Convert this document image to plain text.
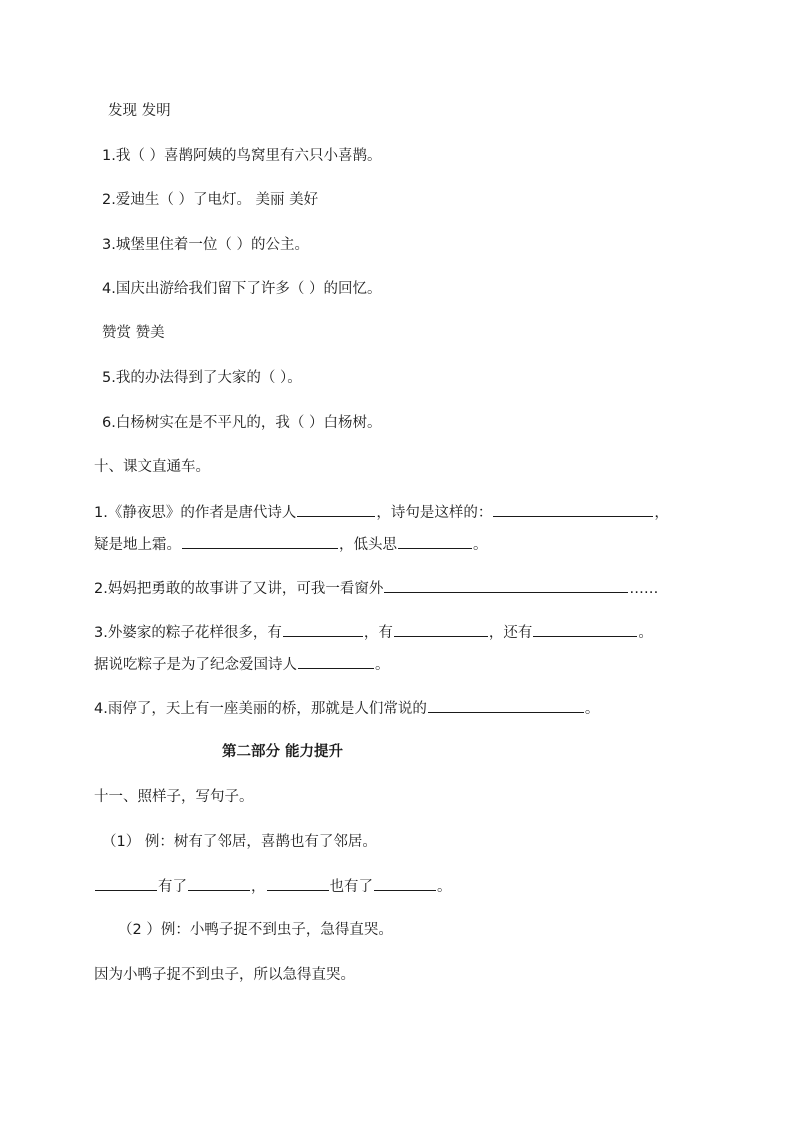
发现 发明
1.我（ ）喜鹊阿姨的鸟窝里有六只小喜鹊。
2.爱迪生（ ）了电灯。 美丽 美好
3.城堡里住着一位（ ）的公主。
4.国庆出游给我们留下了许多（ ）的回忆。
赞赏 赞美
5.我的办法得到了大家的（ ）。
6.白杨树实在是不平凡的，我（ ）白杨树。
十、课文直通车。
1.《静夜思》的作者是唐代诗人	，诗句是这样的：	，
疑是地上霜。	，低头思	。
2.妈妈把勇敢的故事讲了又讲，可我一看窗外	……
3.外婆家的粽子花样很多，有	，有	，还有	。
据说吃粽子是为了纪念爱国诗人	。
4.雨停了，天上有一座美丽的桥，那就是人们常说的	。
第二部分 能力提升
十一、照样子，写句子。
（1） 例：树有了邻居，喜鹊也有了邻居。
有了	，	也有了	。
（2 ）例：小鸭子捉不到虫子，急得直哭。
因为小鸭子捉不到虫子，所以急得直哭。
